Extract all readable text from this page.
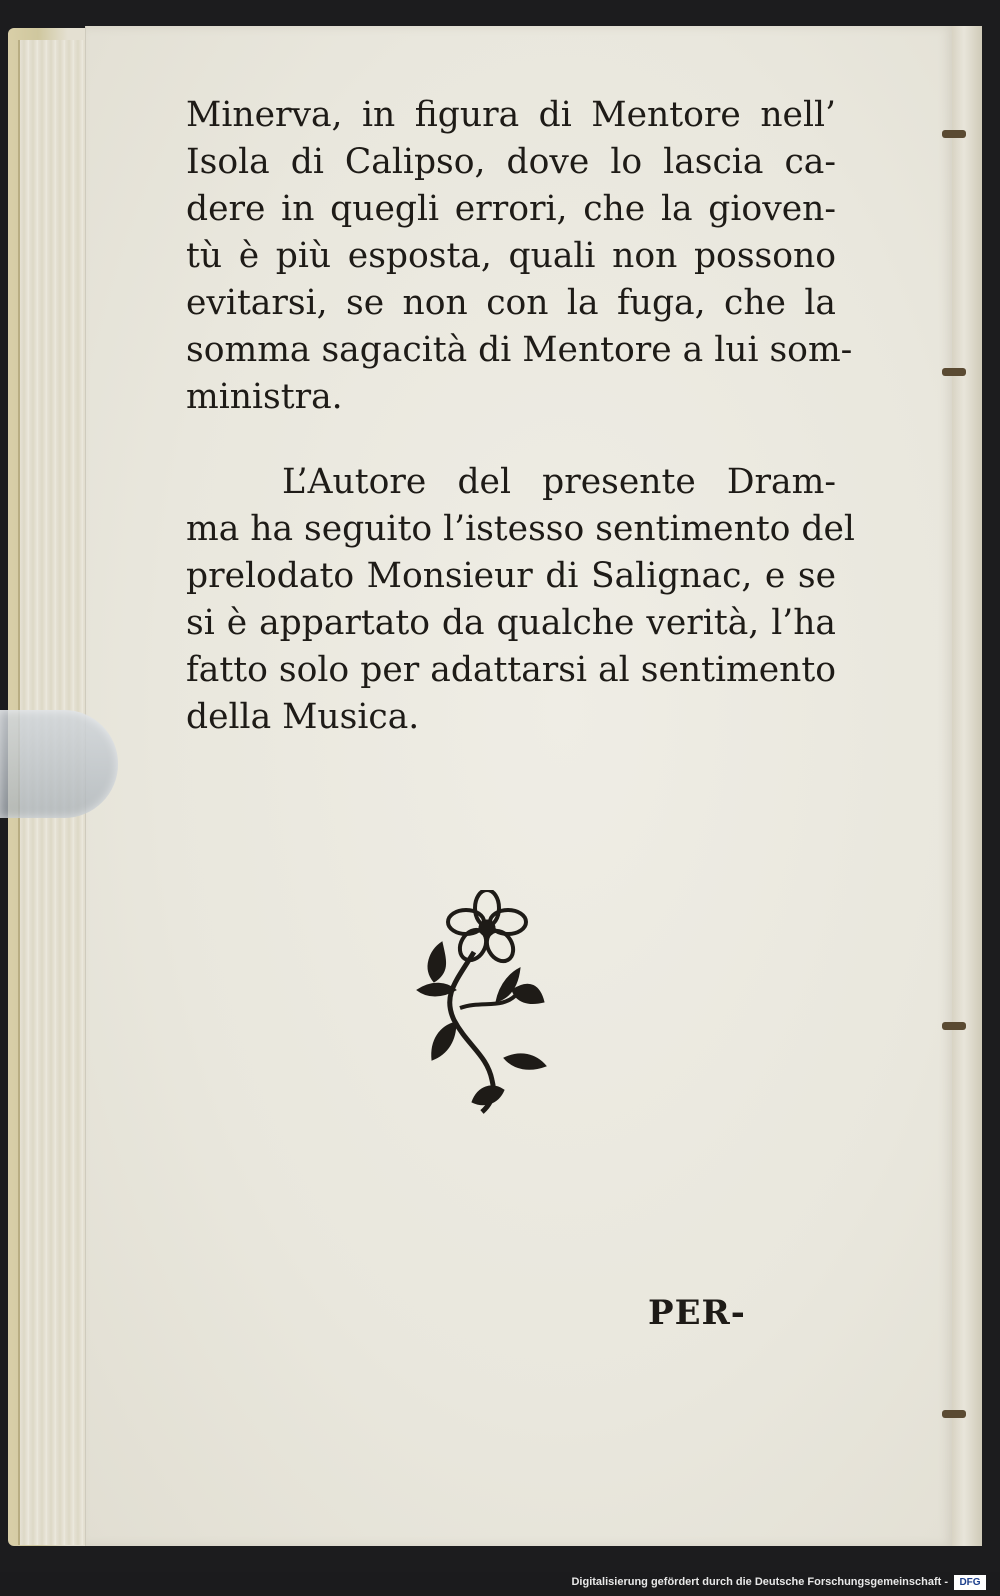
Minerva, in figura di Mentore nell’
Isola di Calipso, dove lo lascia ca-
dere in quegli errori, che la gioven-
tù è più esposta, quali non possono
evitarsi, se non con la fuga, che la
somma sagacità di Mentore a lui som-
ministra.
L’Autore del presente Dram-
ma ha seguito l’istesso sentimento del
prelodato Monsieur di Salignac, e se
si è appartato da qualche verità, l’ha
fatto solo per adattarsi al sentimento
della Musica.
PER-
Digitalisierung gefördert durch die Deutsche Forschungsgemeinschaft -	DFG
